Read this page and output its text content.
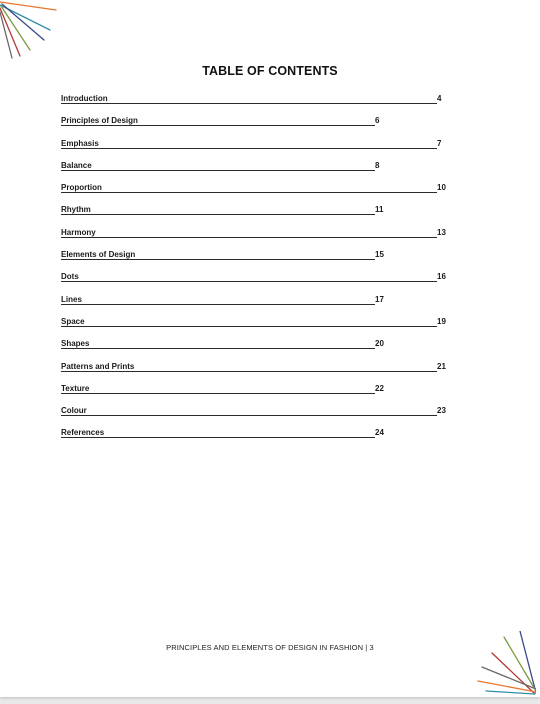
TABLE OF CONTENTS
Introduction	4
Principles of Design	6
Emphasis	7
Balance	8
Proportion	10
Rhythm	11
Harmony	13
Elements of Design	15
Dots	16
Lines	17
Space	19
Shapes	20
Patterns and Prints	21
Texture	22
Colour	23
References	24
PRINCIPLES AND ELEMENTS OF DESIGN IN FASHION | 3
